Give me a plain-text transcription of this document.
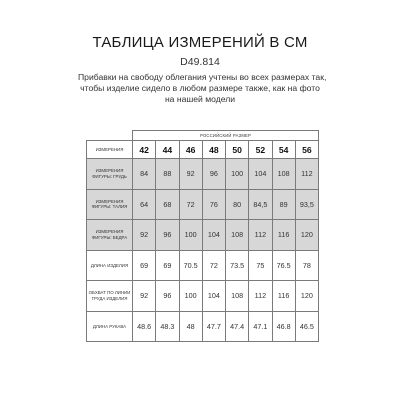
ТАБЛИЦА ИЗМЕРЕНИЙ В СМ
D49.814
Прибавки на свободу облегания учтены во всех размерах так,
чтобы изделие сидело в любом размере также, как на фото
на нашей модели
	РОССИЙСКИЙ РАЗМЕР							
ИЗМЕРЕНИЯ	42	44	46	48	50	52	54	56
ИЗМЕРЕНИЯ ФИГУРЫ: ГРУДЬ	84	88	92	96	100	104	108	112
ИЗМЕРЕНИЯ ФИГУРЫ: ТАЛИЯ	64	68	72	76	80	84,5	89	93,5
ИЗМЕРЕНИЯ ФИГУРЫ: БЕДРА	92	96	100	104	108	112	116	120
ДЛИНА ИЗДЕЛИЯ	69	69	70.5	72	73.5	75	76.5	78
ОБХВАТ ПО ЛИНИИ ГРУДА ИЗДЕЛИЯ	92	96	100	104	108	112	116	120
ДЛИНА РУКАВА	48.6	48.3	48	47.7	47.4	47.1	46.8	46.5
